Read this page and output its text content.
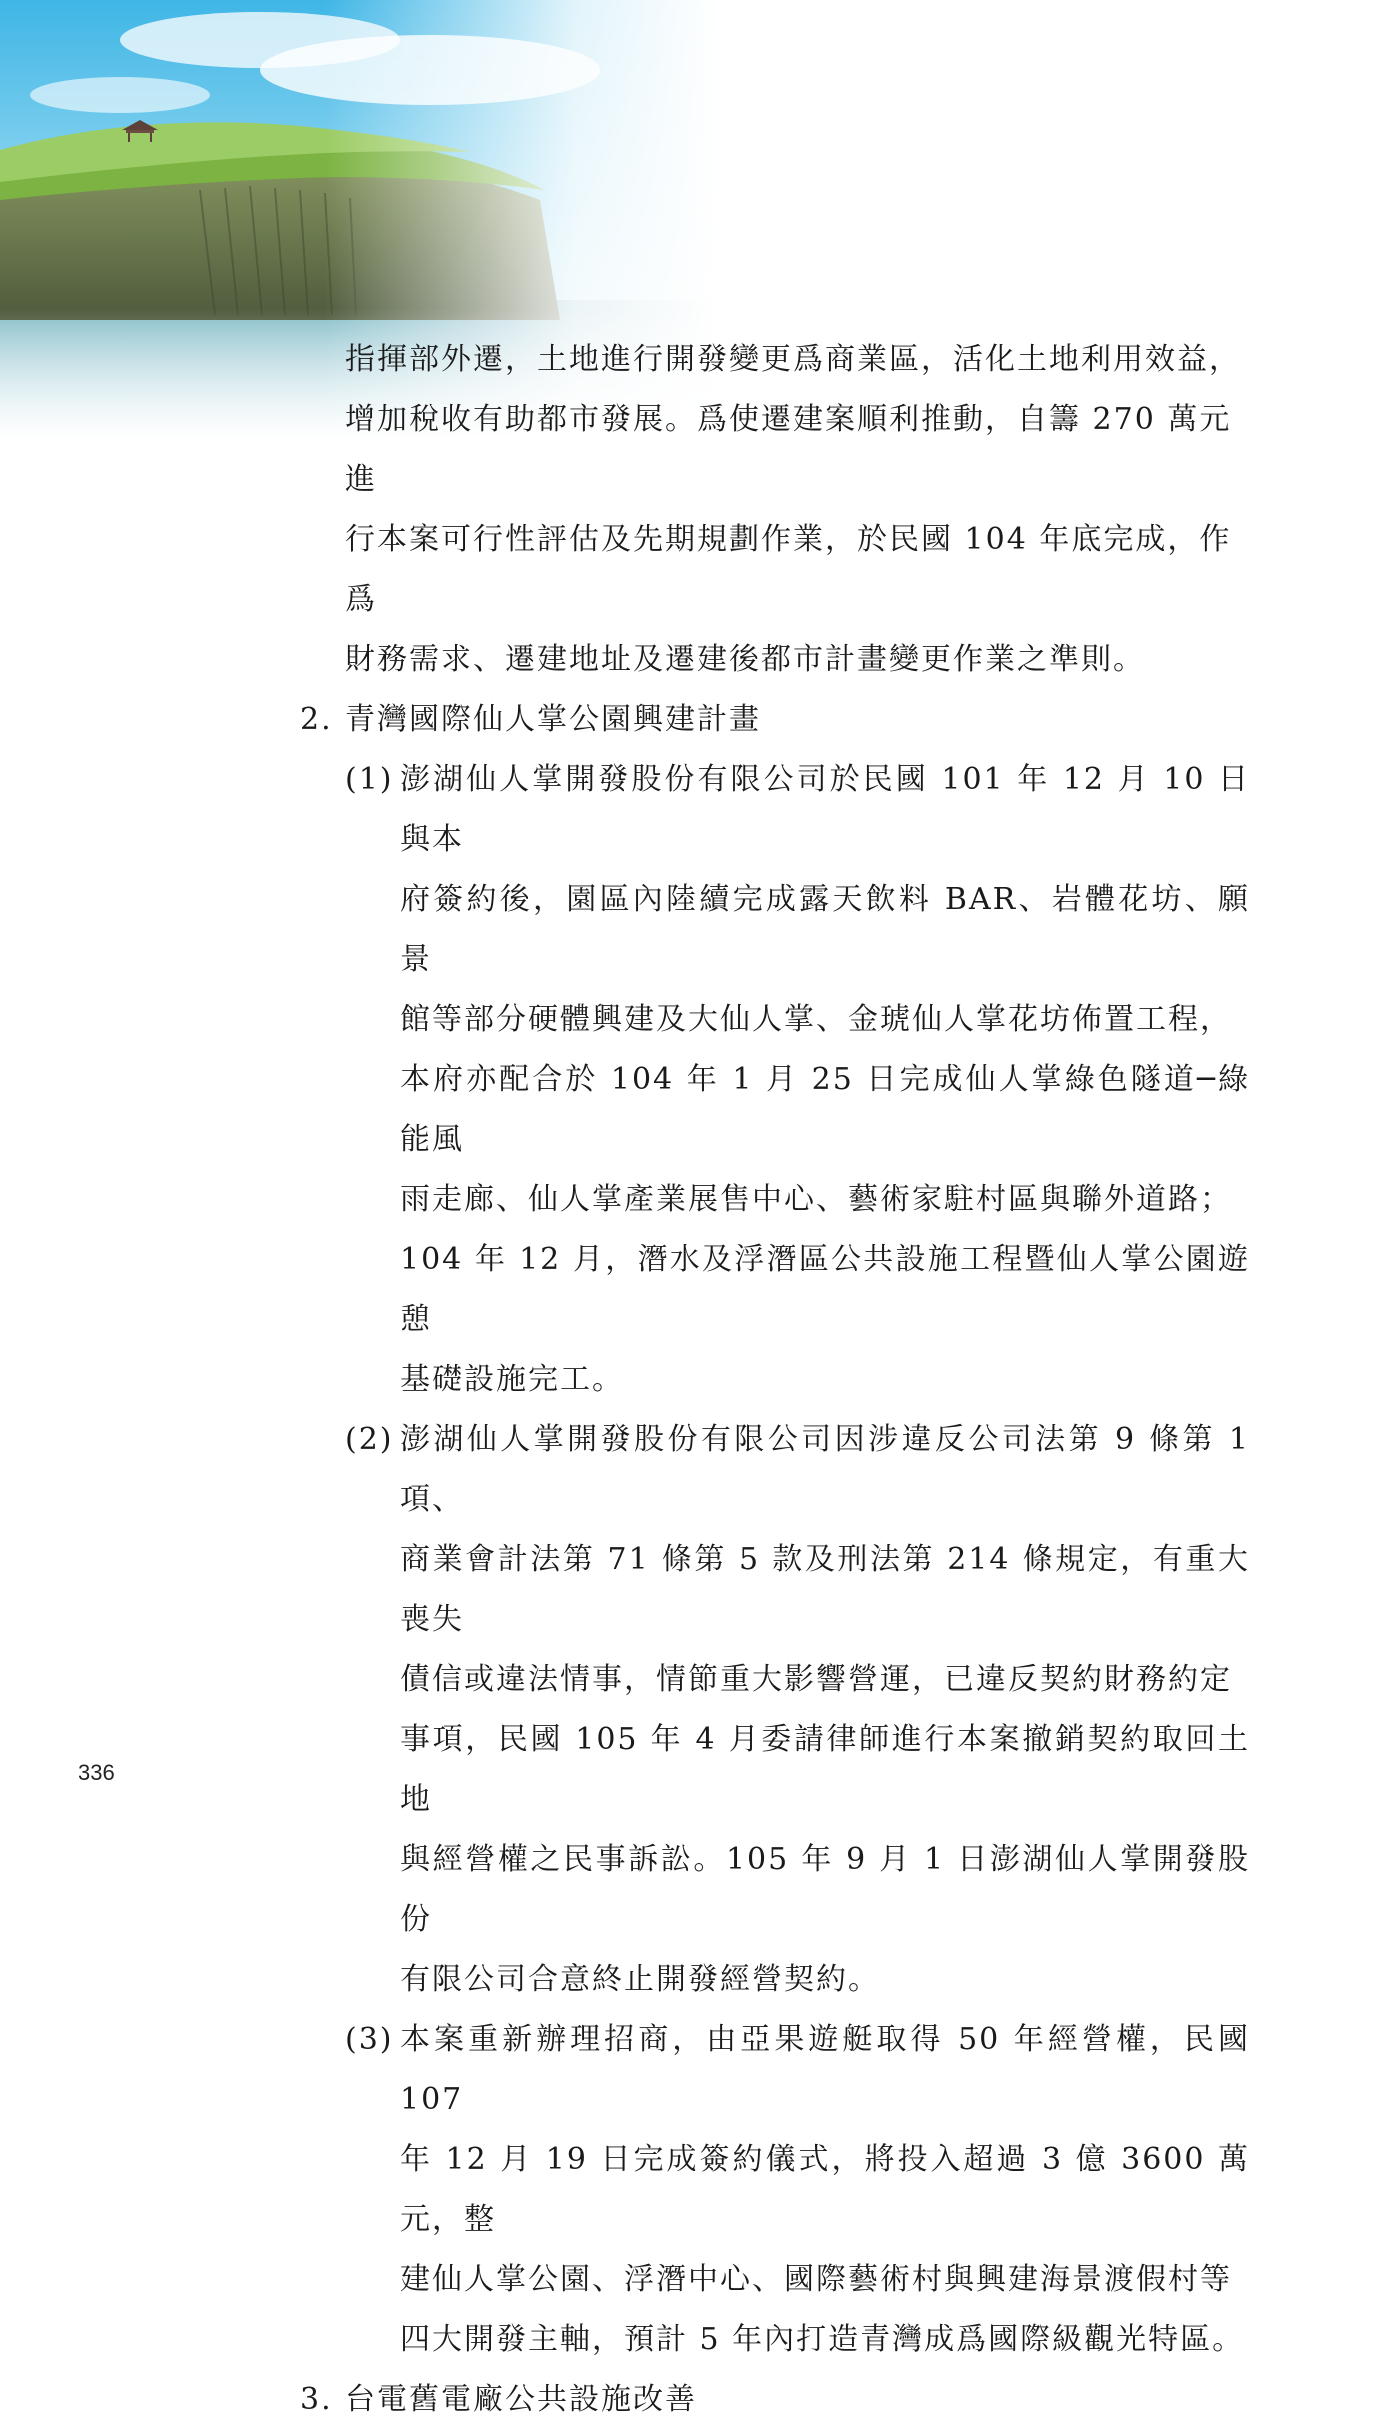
指揮部外遷，土地進行開發變更爲商業區，活化土地利用效益，
增加稅收有助都市發展。爲使遷建案順利推動，自籌 270 萬元進
行本案可行性評估及先期規劃作業，於民國 104 年底完成，作爲
財務需求、遷建地址及遷建後都市計畫變更作業之準則。
2. 青灣國際仙人掌公園興建計畫
(1) 澎湖仙人掌開發股份有限公司於民國 101 年 12 月 10 日與本
府簽約後，園區內陸續完成露天飲料 BAR、岩體花坊、願景
館等部分硬體興建及大仙人掌、金琥仙人掌花坊佈置工程，
本府亦配合於 104 年 1 月 25 日完成仙人掌綠色隧道─綠能風
雨走廊、仙人掌產業展售中心、藝術家駐村區與聯外道路；
104 年 12 月，潛水及浮潛區公共設施工程暨仙人掌公園遊憩
基礎設施完工。
(2) 澎湖仙人掌開發股份有限公司因涉違反公司法第 9 條第 1 項、
商業會計法第 71 條第 5 款及刑法第 214 條規定，有重大喪失
債信或違法情事，情節重大影響營運，已違反契約財務約定
事項，民國 105 年 4 月委請律師進行本案撤銷契約取回土地
與經營權之民事訴訟。105 年 9 月 1 日澎湖仙人掌開發股份
有限公司合意終止開發經營契約。
(3) 本案重新辦理招商，由亞果遊艇取得 50 年經營權，民國 107
年 12 月 19 日完成簽約儀式，將投入超過 3 億 3600 萬元，整
建仙人掌公園、浮潛中心、國際藝術村與興建海景渡假村等
四大開發主軸，預計 5 年內打造青灣成爲國際級觀光特區。
3. 台電舊電廠公共設施改善
336
